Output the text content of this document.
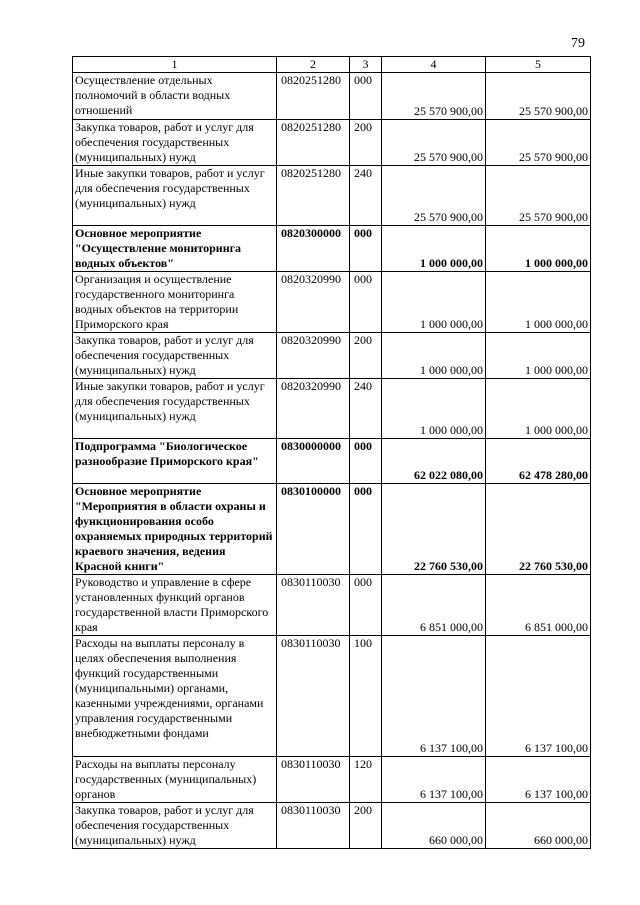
79
1	2	3	4	5
Осуществление отдельных полномочий в области водных отношений	0820251280	000	25 570 900,00	25 570 900,00
Закупка товаров, работ и услуг для обеспечения государственных (муниципальных) нужд	0820251280	200	25 570 900,00	25 570 900,00
Иные закупки товаров, работ и услуг для обеспечения государственных (муниципальных) нужд	0820251280	240	25 570 900,00	25 570 900,00
Основное мероприятие "Осуществление мониторинга водных объектов"	0820300000	000	1 000 000,00	1 000 000,00
Организация и осуществление государственного мониторинга водных объектов на территории Приморского края	0820320990	000	1 000 000,00	1 000 000,00
Закупка товаров, работ и услуг для обеспечения государственных (муниципальных) нужд	0820320990	200	1 000 000,00	1 000 000,00
Иные закупки товаров, работ и услуг для обеспечения государственных (муниципальных) нужд	0820320990	240	1 000 000,00	1 000 000,00
Подпрограмма "Биологическое разнообразие Приморского края"	0830000000	000	62 022 080,00	62 478 280,00
Основное мероприятие "Мероприятия в области охраны и функционирования особо охраняемых природных территорий краевого значения, ведения Красной книги"	0830100000	000	22 760 530,00	22 760 530,00
Руководство и управление в сфере установленных функций органов государственной власти Приморского края	0830110030	000	6 851 000,00	6 851 000,00
Расходы на выплаты персоналу в целях обеспечения выполнения функций государственными (муниципальными) органами, казенными учреждениями, органами управления государственными внебюджетными фондами	0830110030	100	6 137 100,00	6 137 100,00
Расходы на выплаты персоналу государственных (муниципальных) органов	0830110030	120	6 137 100,00	6 137 100,00
Закупка товаров, работ и услуг для обеспечения государственных (муниципальных) нужд	0830110030	200	660 000,00	660 000,00
